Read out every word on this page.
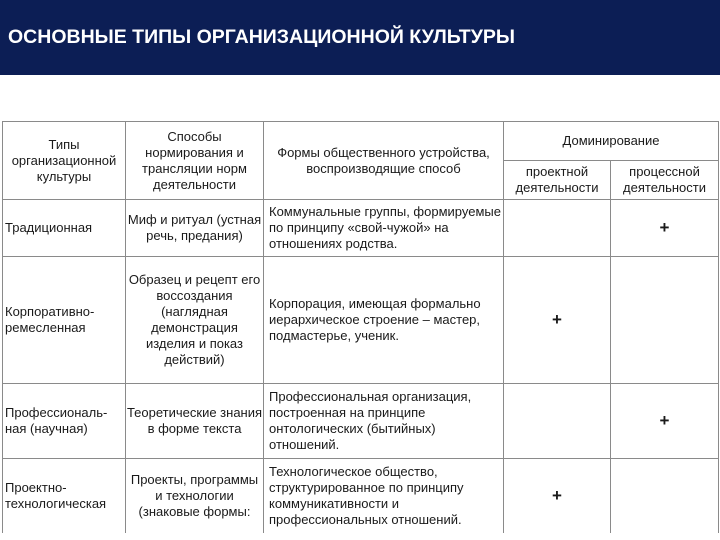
ОСНОВНЫЕ ТИПЫ ОРГАНИЗАЦИОННОЙ КУЛЬТУРЫ
Типы организационной культуры	Способы нормирования и трансляции норм деятельности	Формы общественного устройства, воспроизводящие способ	Доминирование	
			проектной деятельности	процессной деятельности
Традиционная	Миф и ритуал (устная речь, предания)	Коммунальные группы, формируемые по принципу «свой-чужой» на отношениях родства.		+
Корпоративно-ремесленная	Образец и рецепт его воссоздания (наглядная демонстрация изделия и показ действий)	Корпорация, имеющая формально иерархическое строение – мастер, подмастерье, ученик.	+	
Профессиональ-ная (научная)	Теоретические знания в форме текста	Профессиональная организация, построенная на принципе онтологических (бытийных) отношений.		+
Проектно-технологическая	Проекты, программы и технологии (знаковые формы:	Технологическое общество, структурированное по принципу коммуникативности и профессиональных отношений.	+	
